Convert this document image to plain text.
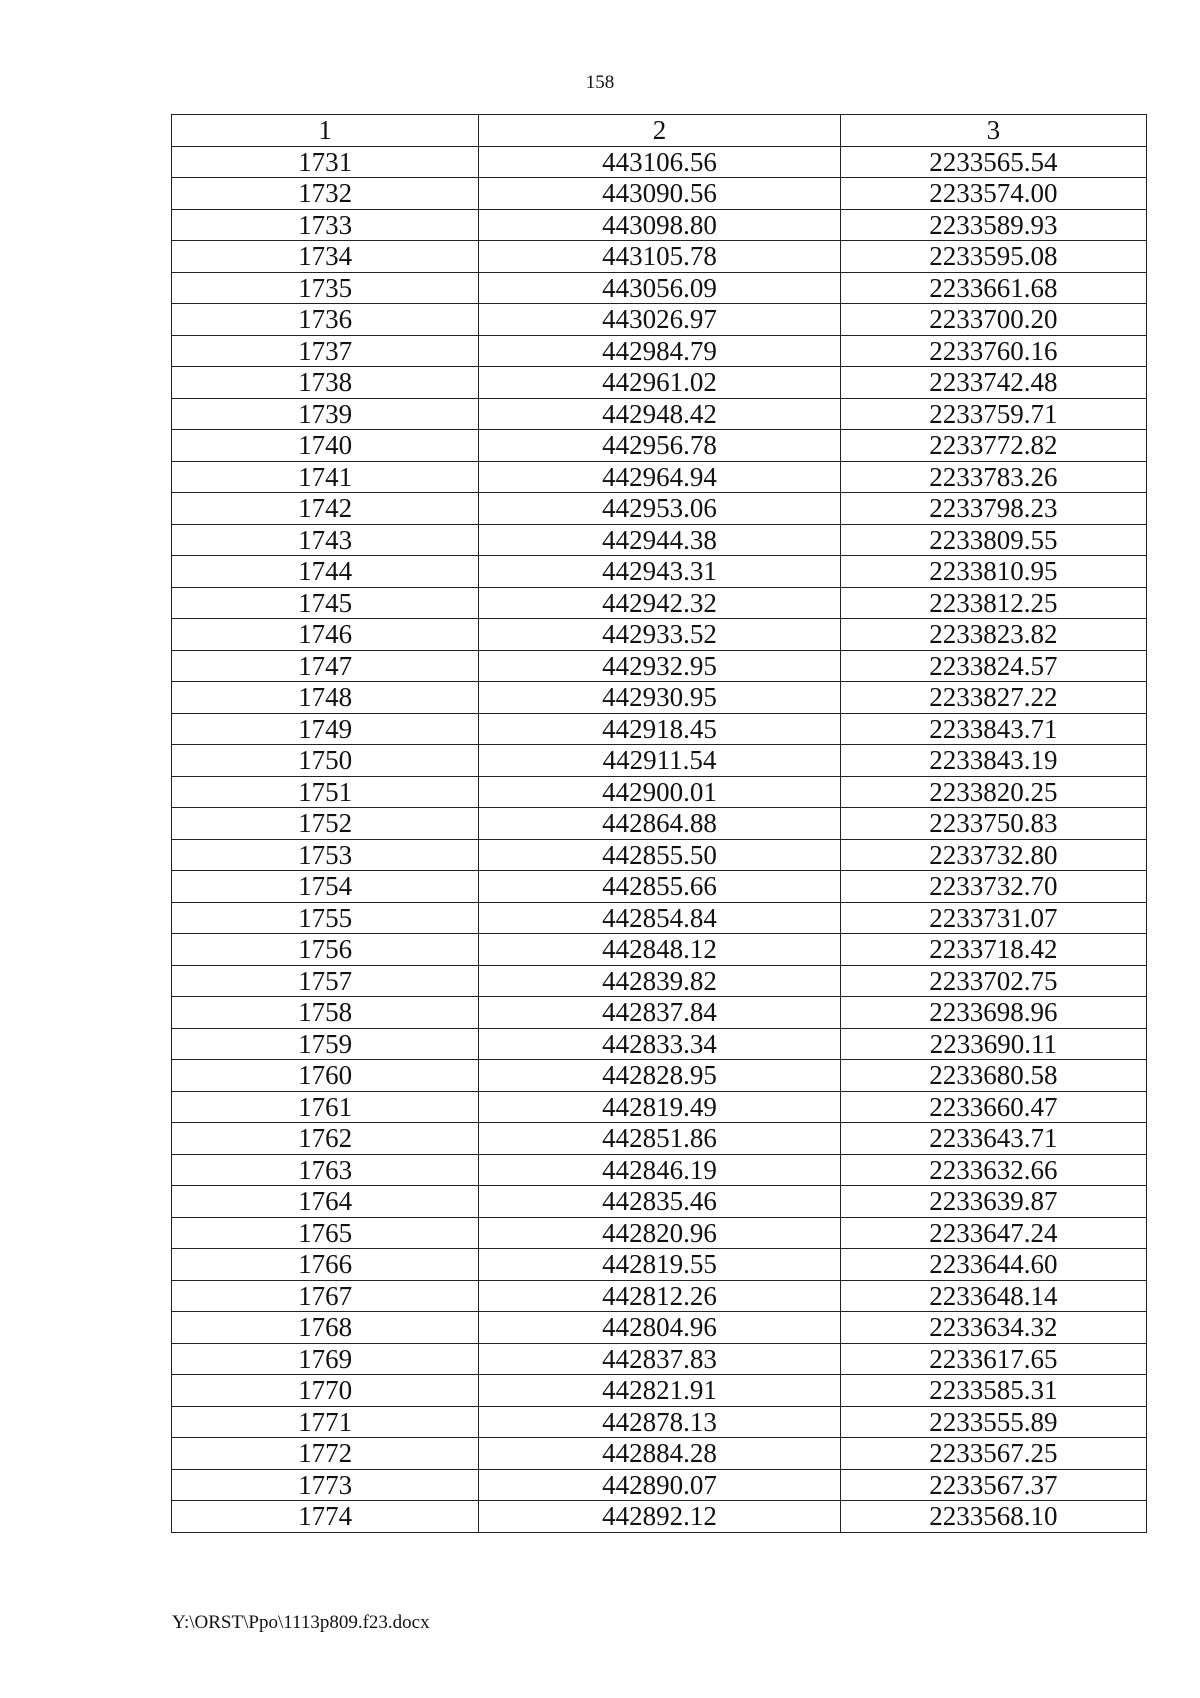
158
1	2	3
1731	443106.56	2233565.54
1732	443090.56	2233574.00
1733	443098.80	2233589.93
1734	443105.78	2233595.08
1735	443056.09	2233661.68
1736	443026.97	2233700.20
1737	442984.79	2233760.16
1738	442961.02	2233742.48
1739	442948.42	2233759.71
1740	442956.78	2233772.82
1741	442964.94	2233783.26
1742	442953.06	2233798.23
1743	442944.38	2233809.55
1744	442943.31	2233810.95
1745	442942.32	2233812.25
1746	442933.52	2233823.82
1747	442932.95	2233824.57
1748	442930.95	2233827.22
1749	442918.45	2233843.71
1750	442911.54	2233843.19
1751	442900.01	2233820.25
1752	442864.88	2233750.83
1753	442855.50	2233732.80
1754	442855.66	2233732.70
1755	442854.84	2233731.07
1756	442848.12	2233718.42
1757	442839.82	2233702.75
1758	442837.84	2233698.96
1759	442833.34	2233690.11
1760	442828.95	2233680.58
1761	442819.49	2233660.47
1762	442851.86	2233643.71
1763	442846.19	2233632.66
1764	442835.46	2233639.87
1765	442820.96	2233647.24
1766	442819.55	2233644.60
1767	442812.26	2233648.14
1768	442804.96	2233634.32
1769	442837.83	2233617.65
1770	442821.91	2233585.31
1771	442878.13	2233555.89
1772	442884.28	2233567.25
1773	442890.07	2233567.37
1774	442892.12	2233568.10
Y:\ORST\Ppo\1113p809.f23.docx
